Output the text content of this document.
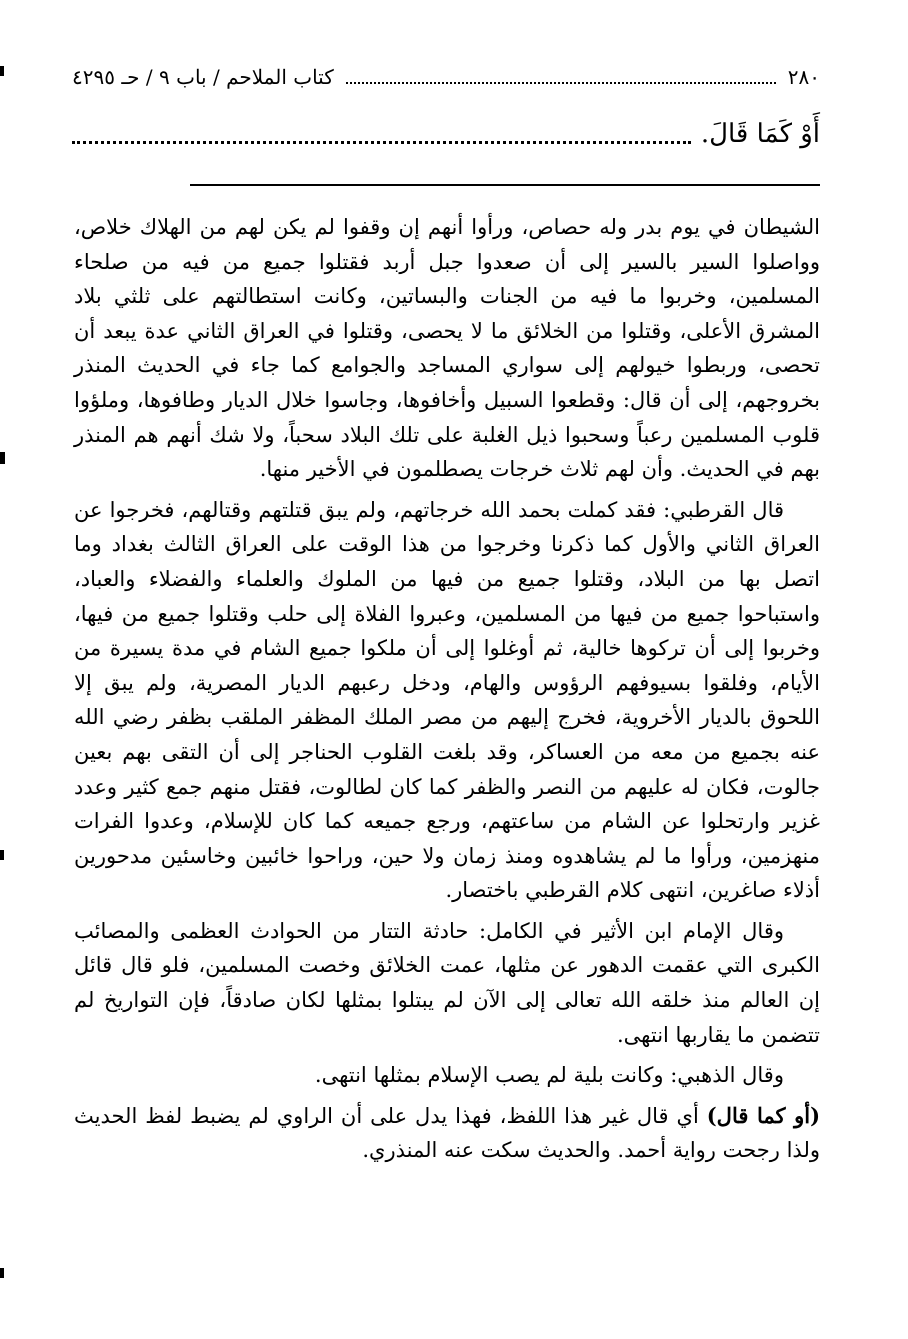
٢٨٠
كتاب الملاحم / باب ٩ / حـ ٤٢٩٥
أَوْ كَمَا قَالَ.

الشيطان في يوم بدر وله حصاص، ورأوا أنهم إن وقفوا لم يكن لهم من الهلاك خلاص، وواصلوا السير بالسير إلى أن صعدوا جبل أربد فقتلوا جميع من فيه من صلحاء المسلمين، وخربوا ما فيه من الجنات والبساتين، وكانت استطالتهم على ثلثي بلاد المشرق الأعلى، وقتلوا من الخلائق ما لا يحصى، وقتلوا في العراق الثاني عدة يبعد أن تحصى، وربطوا خيولهم إلى سواري المساجد والجوامع كما جاء في الحديث المنذر بخروجهم، إلى أن قال: وقطعوا السبيل وأخافوها، وجاسوا خلال الديار وطافوها، وملؤوا قلوب المسلمين رعباً وسحبوا ذيل الغلبة على تلك البلاد سحباً، ولا شك أنهم هم المنذر بهم في الحديث. وأن لهم ثلاث خرجات يصطلمون في الأخير منها.

قال القرطبي: فقد كملت بحمد الله خرجاتهم، ولم يبق قتلتهم وقتالهم، فخرجوا عن العراق الثاني والأول كما ذكرنا وخرجوا من هذا الوقت على العراق الثالث بغداد وما اتصل بها من البلاد، وقتلوا جميع من فيها من الملوك والعلماء والفضلاء والعباد، واستباحوا جميع من فيها من المسلمين، وعبروا الفلاة إلى حلب وقتلوا جميع من فيها، وخربوا إلى أن تركوها خالية، ثم أوغلوا إلى أن ملكوا جميع الشام في مدة يسيرة من الأيام، وفلقوا بسيوفهم الرؤوس والهام، ودخل رعبهم الديار المصرية، ولم يبق إلا اللحوق بالديار الأخروية، فخرج إليهم من مصر الملك المظفر الملقب بظفر رضي الله عنه بجميع من معه من العساكر، وقد بلغت القلوب الحناجر إلى أن التقى بهم بعين جالوت، فكان له عليهم من النصر والظفر كما كان لطالوت، فقتل منهم جمع كثير وعدد غزير وارتحلوا عن الشام من ساعتهم، ورجع جميعه كما كان للإسلام، وعدوا الفرات منهزمين، ورأوا ما لم يشاهدوه ومنذ زمان ولا حين، وراحوا خائبين وخاسئين مدحورين أذلاء صاغرين، انتهى كلام القرطبي باختصار.

وقال الإمام ابن الأثير في الكامل: حادثة التتار من الحوادث العظمى والمصائب الكبرى التي عقمت الدهور عن مثلها، عمت الخلائق وخصت المسلمين، فلو قال قائل إن العالم منذ خلقه الله تعالى إلى الآن لم يبتلوا بمثلها لكان صادقاً، فإن التواريخ لم تتضمن ما يقاربها انتهى.

وقال الذهبي: وكانت بلية لم يصب الإسلام بمثلها انتهى.

(أو كما قال) أي قال غير هذا اللفظ، فهذا يدل على أن الراوي لم يضبط لفظ الحديث ولذا رجحت رواية أحمد. والحديث سكت عنه المنذري.
